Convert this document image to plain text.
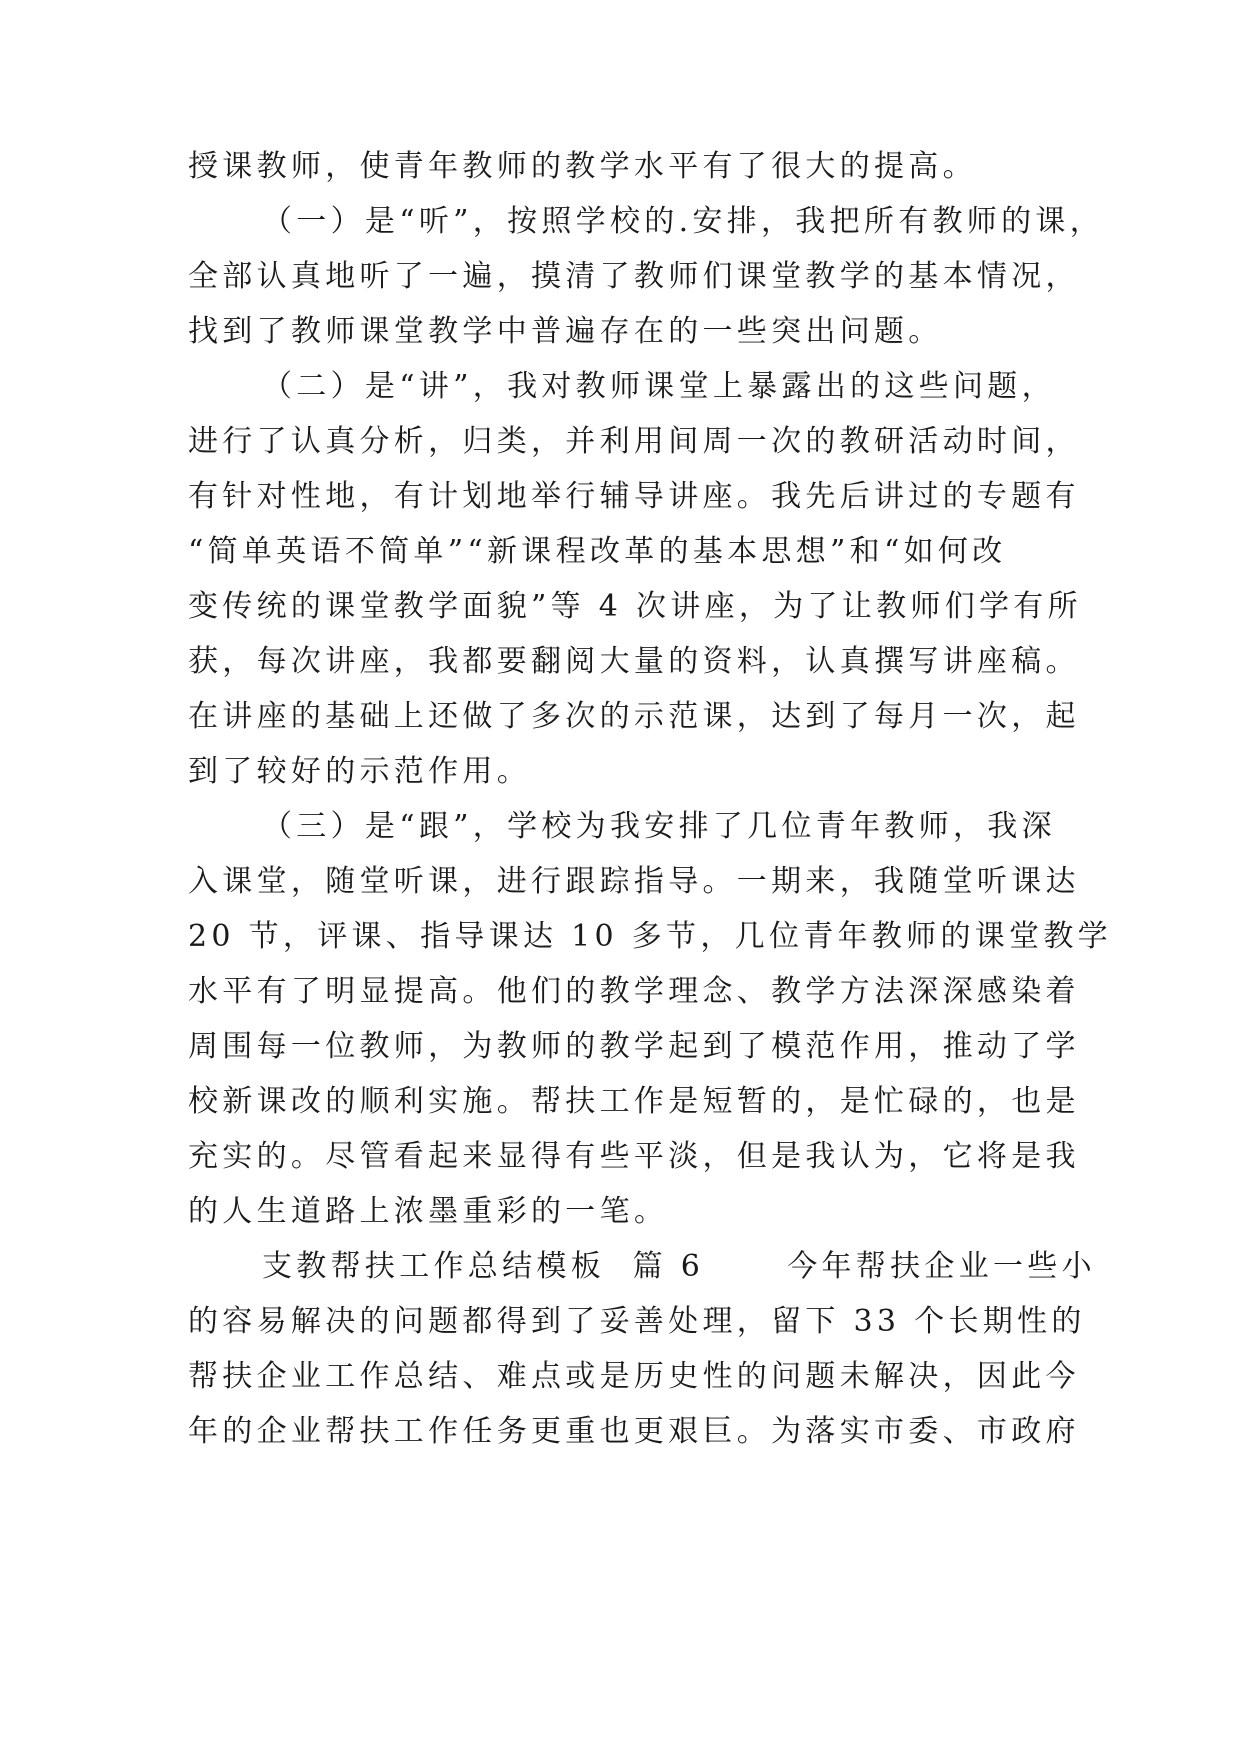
授课教师，使青年教师的教学水平有了很大的提高。
（一）是“听”，按照学校的.安排，我把所有教师的课，
全部认真地听了一遍，摸清了教师们课堂教学的基本情况，
找到了教师课堂教学中普遍存在的一些突出问题。
（二）是“讲”，我对教师课堂上暴露出的这些问题，
进行了认真分析，归类，并利用间周一次的教研活动时间，
有针对性地，有计划地举行辅导讲座。我先后讲过的专题有
“简单英语不简单”“新课程改革的基本思想”和“如何改
变传统的课堂教学面貌”等 4 次讲座，为了让教师们学有所
获，每次讲座，我都要翻阅大量的资料，认真撰写讲座稿。
在讲座的基础上还做了多次的示范课，达到了每月一次，起
到了较好的示范作用。
（三）是“跟”，学校为我安排了几位青年教师，我深
入课堂，随堂听课，进行跟踪指导。一期来，我随堂听课达
20 节，评课、指导课达 10 多节，几位青年教师的课堂教学
水平有了明显提高。他们的教学理念、教学方法深深感染着
周围每一位教师，为教师的教学起到了模范作用，推动了学
校新课改的顺利实施。帮扶工作是短暂的，是忙碌的，也是
充实的。尽管看起来显得有些平淡，但是我认为，它将是我
的人生道路上浓墨重彩的一笔。
支教帮扶工作总结模板  篇 6      今年帮扶企业一些小
的容易解决的问题都得到了妥善处理，留下 33 个长期性的
帮扶企业工作总结、难点或是历史性的问题未解决，因此今
年的企业帮扶工作任务更重也更艰巨。为落实市委、市政府
